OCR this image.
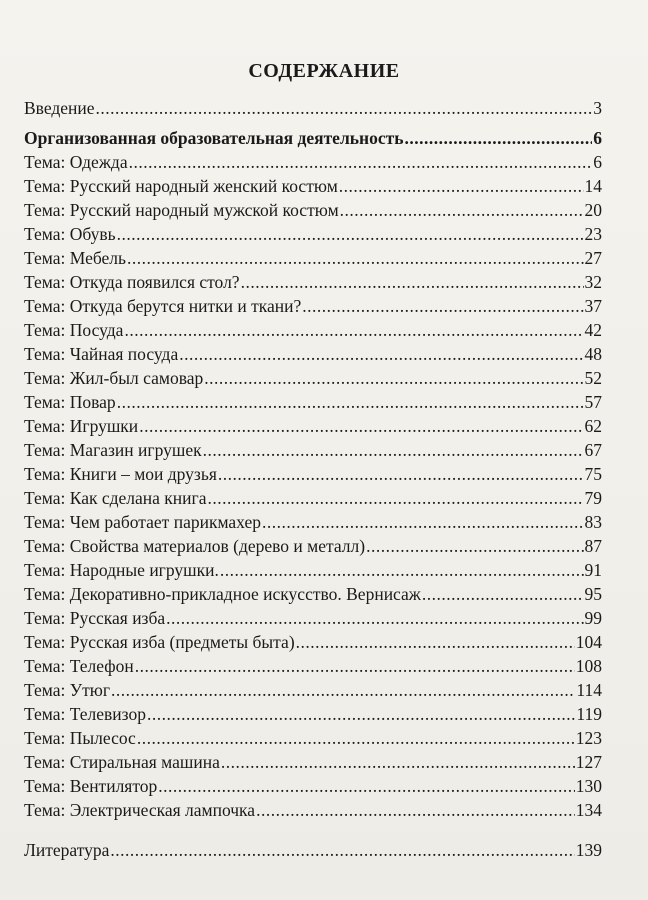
СОДЕРЖАНИЕ
Введение .....	3
Организованная образовательная деятельность .....	6
Тема: Одежда .....	6
Тема: Русский народный женский костюм .....	14
Тема: Русский народный мужской костюм .....	20
Тема: Обувь .....	23
Тема: Мебель .....	27
Тема: Откуда появился стол? .....	32
Тема: Откуда берутся нитки и ткани? .....	37
Тема: Посуда .....	42
Тема: Чайная посуда .....	48
Тема: Жил-был самовар .....	52
Тема: Повар .....	57
Тема: Игрушки .....	62
Тема: Магазин игрушек .....	67
Тема: Книги – мои друзья .....	75
Тема: Как сделана книга .....	79
Тема: Чем работает парикмахер .....	83
Тема: Свойства материалов (дерево и металл) .....	87
Тема: Народные игрушки. .....	91
Тема: Декоративно-прикладное искусство. Вернисаж .....	95
Тема: Русская изба .....	99
Тема: Русская изба (предметы быта) .....	104
Тема: Телефон .....	108
Тема: Утюг .....	114
Тема: Телевизор .....	119
Тема: Пылесос .....	123
Тема: Стиральная машина .....	127
Тема: Вентилятор .....	130
Тема: Электрическая лампочка .....	134
Литература .....	139
